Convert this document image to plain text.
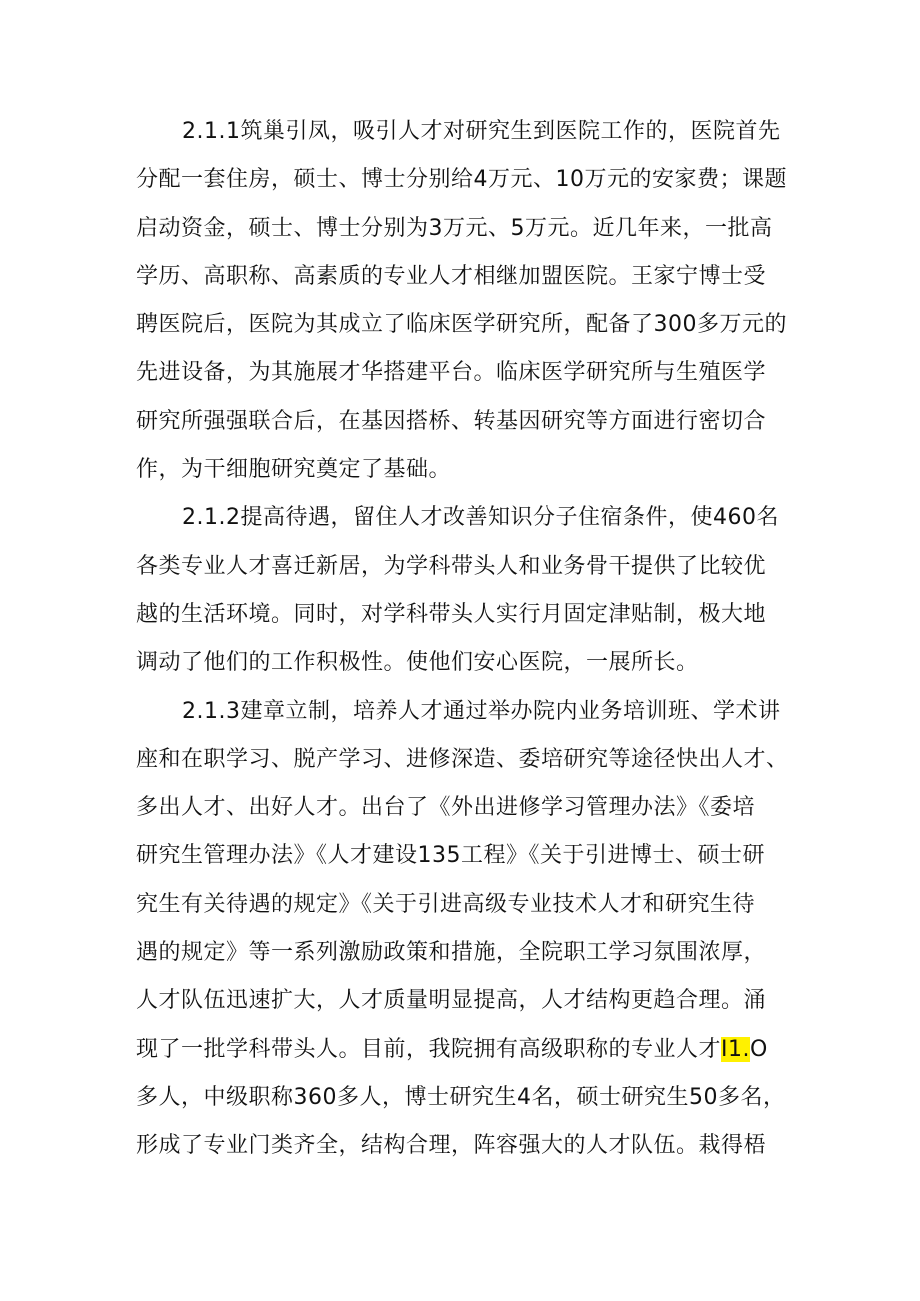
2.1.1筑巢引凤，吸引人才对研究生到医院工作的，医院首先
分配一套住房，硕士、博士分别给4万元、10万元的安家费；课题
启动资金，硕士、博士分别为3万元、5万元。近几年来，一批高
学历、高职称、高素质的专业人才相继加盟医院。王家宁博士受
聘医院后，医院为其成立了临床医学研究所，配备了300多万元的
先进设备，为其施展才华搭建平台。临床医学研究所与生殖医学
研究所强强联合后，在基因搭桥、转基因研究等方面进行密切合
作，为干细胞研究奠定了基础。
2.1.2提高待遇，留住人才改善知识分子住宿条件，使460名
各类专业人才喜迁新居，为学科带头人和业务骨干提供了比较优
越的生活环境。同时，对学科带头人实行月固定津贴制，极大地
调动了他们的工作积极性。使他们安心医院，一展所长。
2.1.3建章立制，培养人才通过举办院内业务培训班、学术讲
座和在职学习、脱产学习、进修深造、委培研究等途径快出人才、
多出人才、出好人才。出台了《外出进修学习管理办法》《委培
研究生管理办法》《人才建设135工程》《关于引进博士、硕士研
究生有关待遇的规定》《关于引进高级专业技术人才和研究生待
遇的规定》等一系列激励政策和措施，全院职工学习氛围浓厚，
人才队伍迅速扩大，人才质量明显提高，人才结构更趋合理。涌
现了一批学科带头人。目前，我院拥有高级职称的专业人才I1.O
多人，中级职称360多人，博士研究生4名，硕士研究生50多名，
形成了专业门类齐全，结构合理，阵容强大的人才队伍。栽得梧
